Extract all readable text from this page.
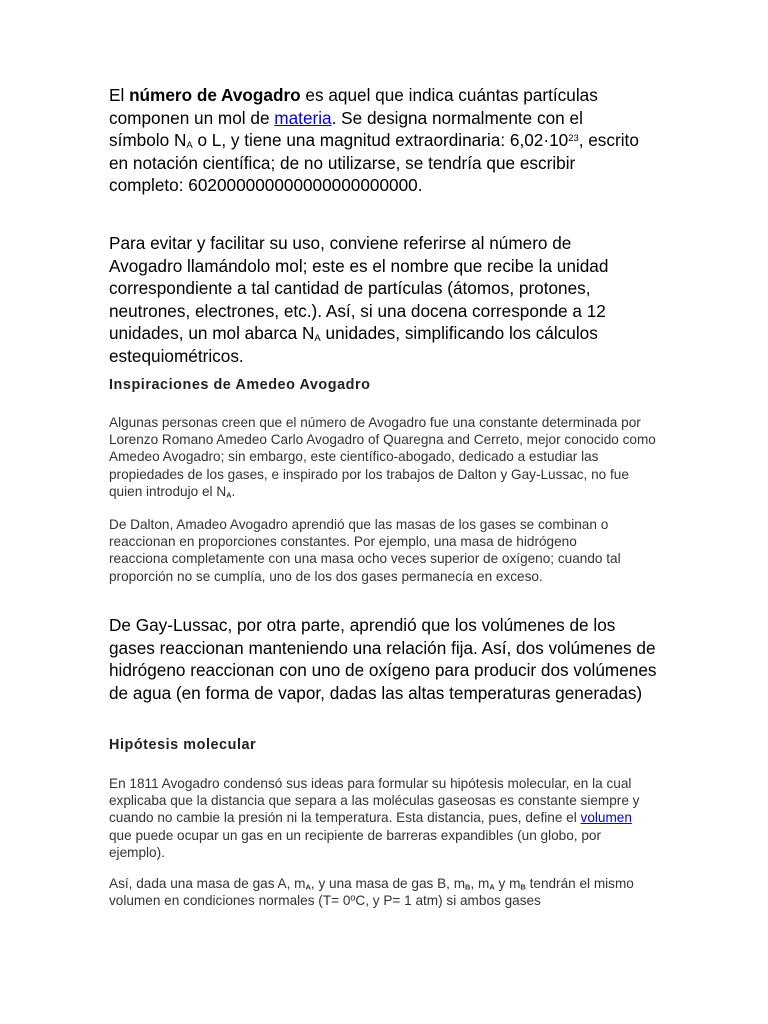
El número de Avogadro es aquel que indica cuántas partículas componen un mol de materia. Se designa normalmente con el símbolo $N_A$ o L, y tiene una magnitud extraordinaria: $6,02\cdot 10^{23}$, escrito en notación científica; de no utilizarse, se tendría que escribir completo: 602000000000000000000000.

Para evitar y facilitar su uso, conviene referirse al número de Avogadro llamándolo mol; este es el nombre que recibe la unidad correspondiente a tal cantidad de partículas (átomos, protones, neutrones, electrones, etc.). Así, si una docena corresponde a 12 unidades, un mol abarca $N_A$ unidades, simplificando los cálculos estequiométricos.

Inspiraciones de Amedeo Avogadro

Algunas personas creen que el número de Avogadro fue una constante determinada por Lorenzo Romano Amedeo Carlo Avogadro of Quaregna and Cerreto, mejor conocido como Amedeo Avogadro; sin embargo, este científico-abogado, dedicado a estudiar las propiedades de los gases, e inspirado por los trabajos de Dalton y Gay-Lussac, no fue quien introdujo el $N_A$.

De Dalton, Amadeo Avogadro aprendió que las masas de los gases se combinan o reaccionan en proporciones constantes. Por ejemplo, una masa de hidrógeno reacciona completamente con una masa ocho veces superior de oxígeno; cuando tal proporción no se cumplía, uno de los dos gases permanecía en exceso.

De Gay-Lussac, por otra parte, aprendió que los volúmenes de los gases reaccionan manteniendo una relación fija. Así, dos volúmenes de hidrógeno reaccionan con uno de oxígeno para producir dos volúmenes de agua (en forma de vapor, dadas las altas temperaturas generadas)

Hipótesis molecular

En 1811 Avogadro condensó sus ideas para formular su hipótesis molecular, en la cual explicaba que la distancia que separa a las moléculas gaseosas es constante siempre y cuando no cambie la presión ni la temperatura. Esta distancia, pues, define el volumen que puede ocupar un gas en un recipiente de barreras expandibles (un globo, por ejemplo).

Así, dada una masa de gas A, $m_A$, y una masa de gas B, $m_B$, $m_A$ y $m_B$ tendrán el mismo volumen en condiciones normales (T= 0ºC, y P= 1 atm) si ambos gases
